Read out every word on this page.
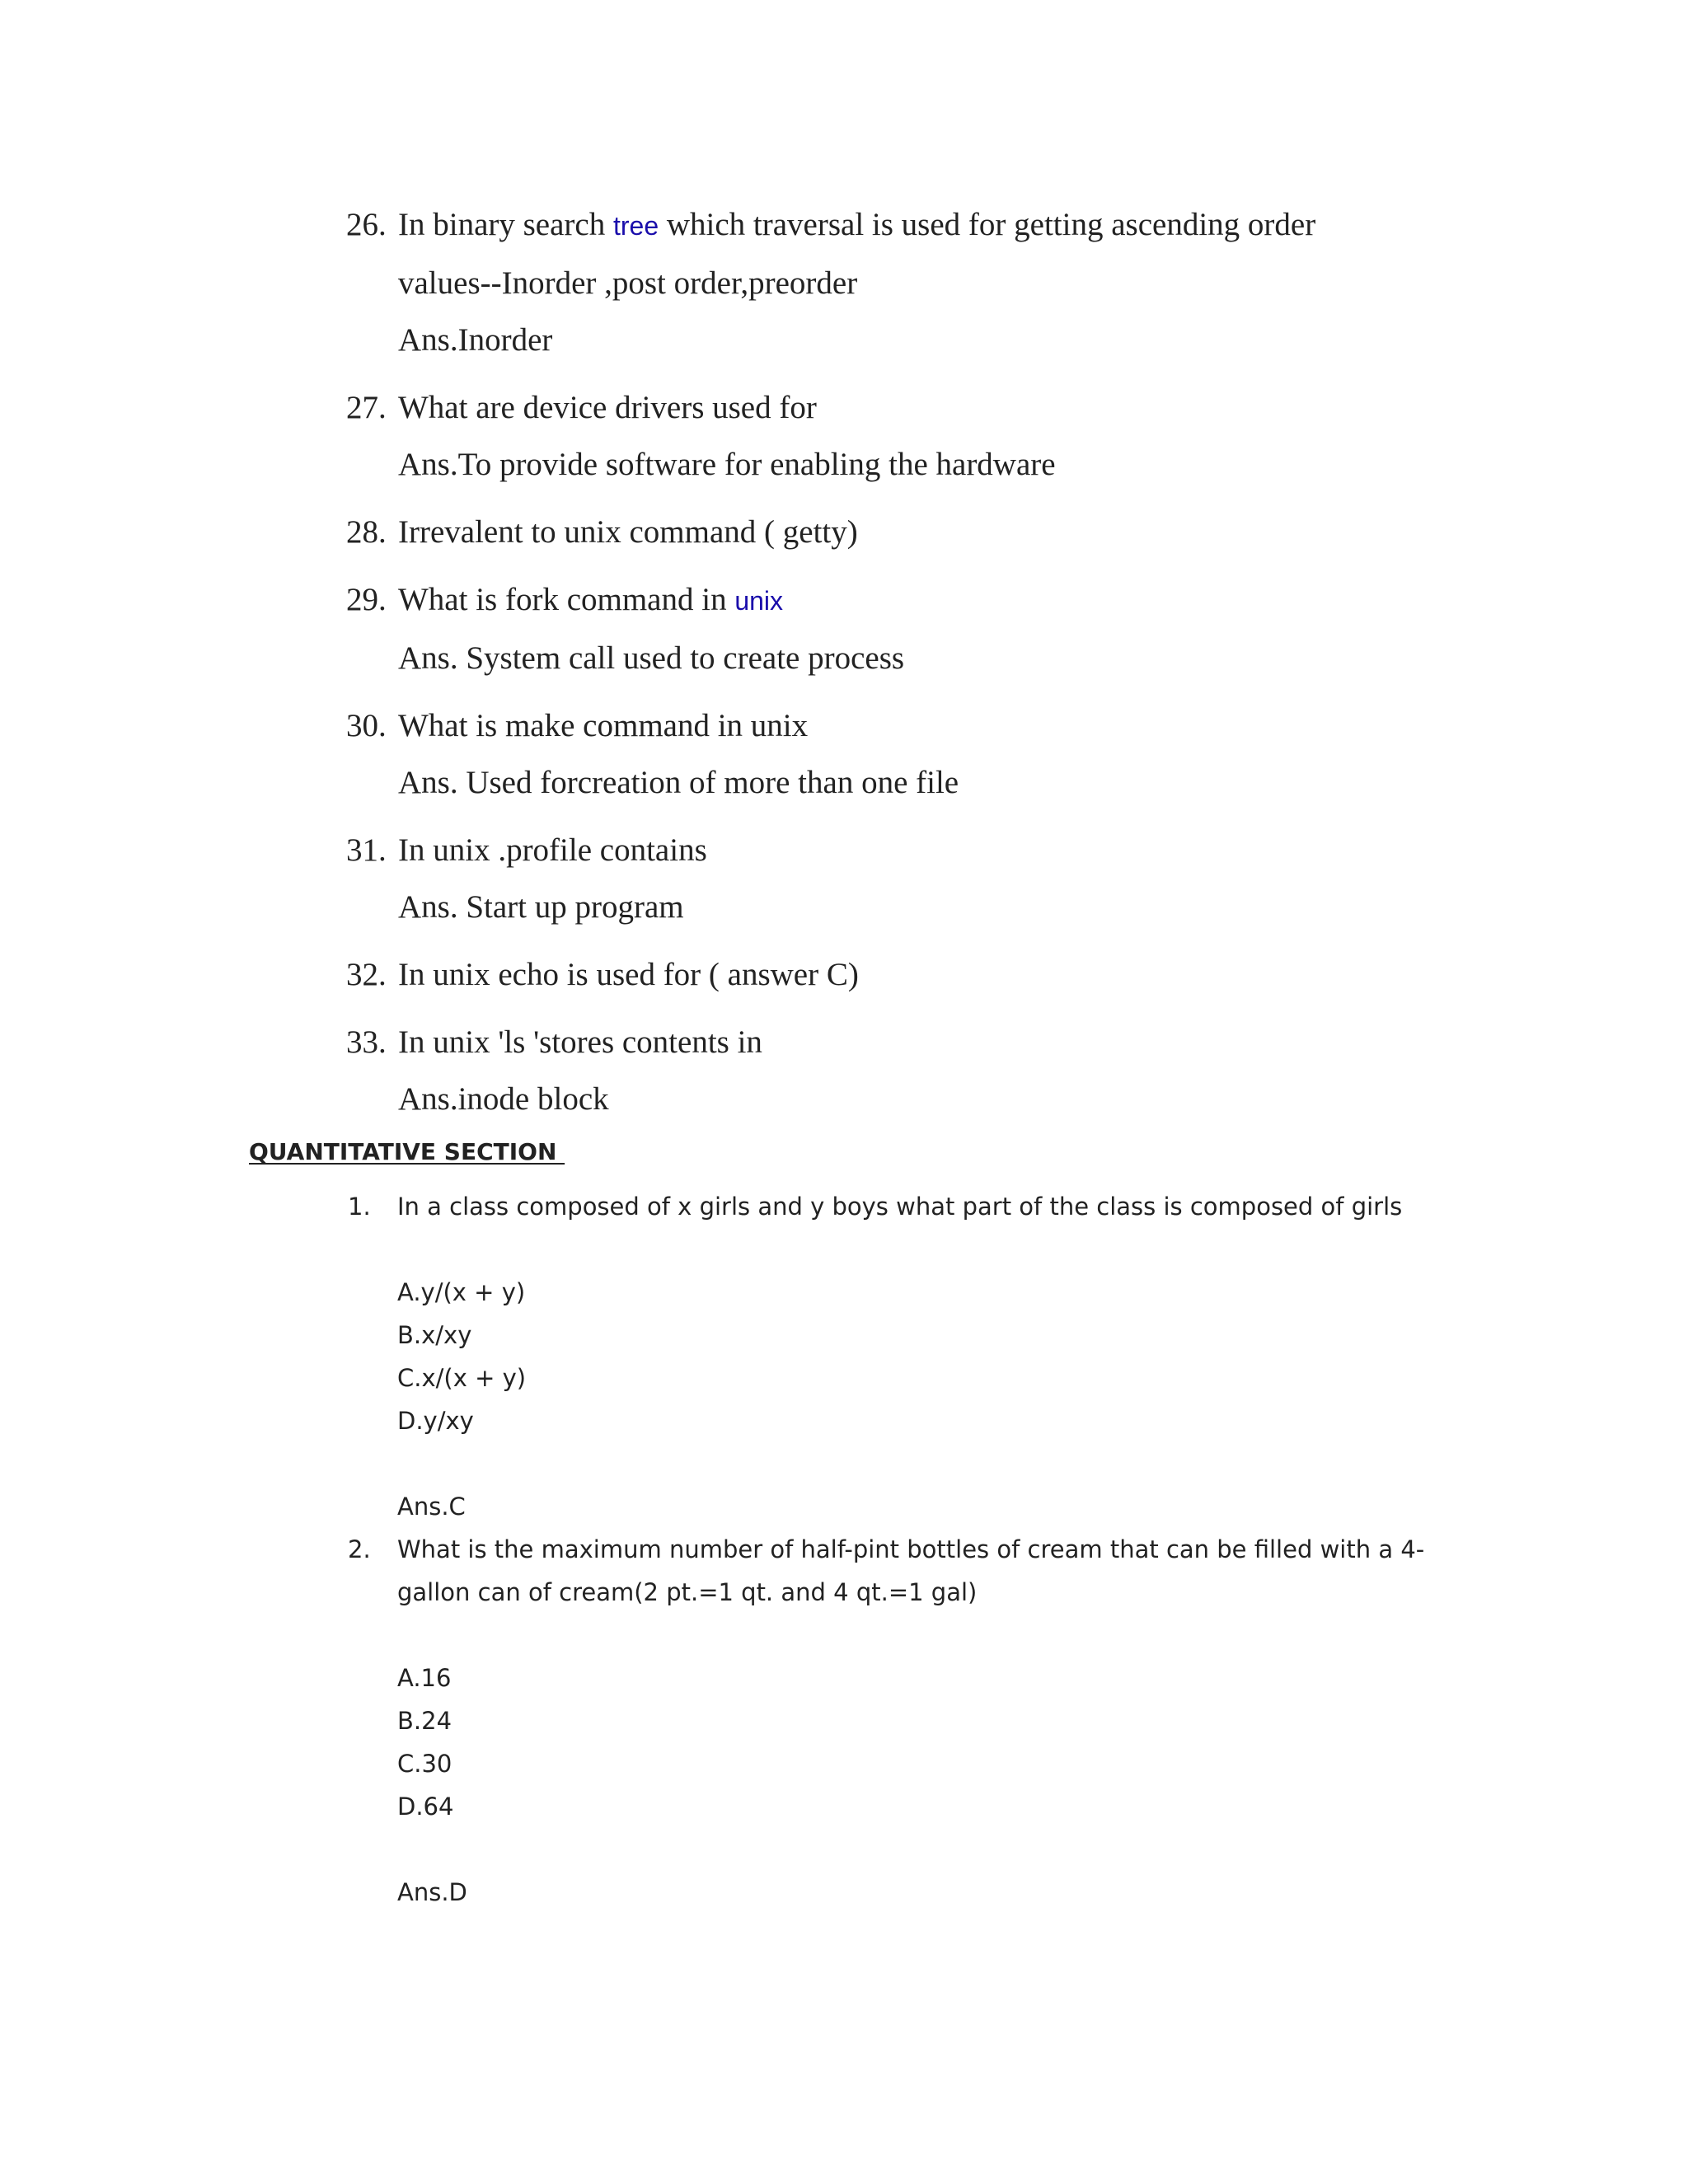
26. In binary search tree which traversal is used for getting ascending order
values--Inorder ,post order,preorder
Ans.Inorder
27. What are device drivers used for
Ans.To provide software for enabling the hardware
28. Irrevalent to unix command ( getty)
29. What is fork command in unix
Ans. System call used to create process
30. What is make command in unix
Ans. Used forcreation of more than one file
31. In unix .profile contains
Ans. Start up program
32. In unix echo is used for ( answer C)
33. In unix 'ls 'stores contents in
Ans.inode block
QUANTITATIVE SECTION
1. In a class composed of x girls and y boys what part of the class is composed of girls
A.y/(x + y)
B.x/xy
C.x/(x + y)
D.y/xy
Ans.C
2. What is the maximum number of half-pint bottles of cream that can be filled with a 4-
gallon can of cream(2 pt.=1 qt. and 4 qt.=1 gal)
A.16
B.24
C.30
D.64
Ans.D
